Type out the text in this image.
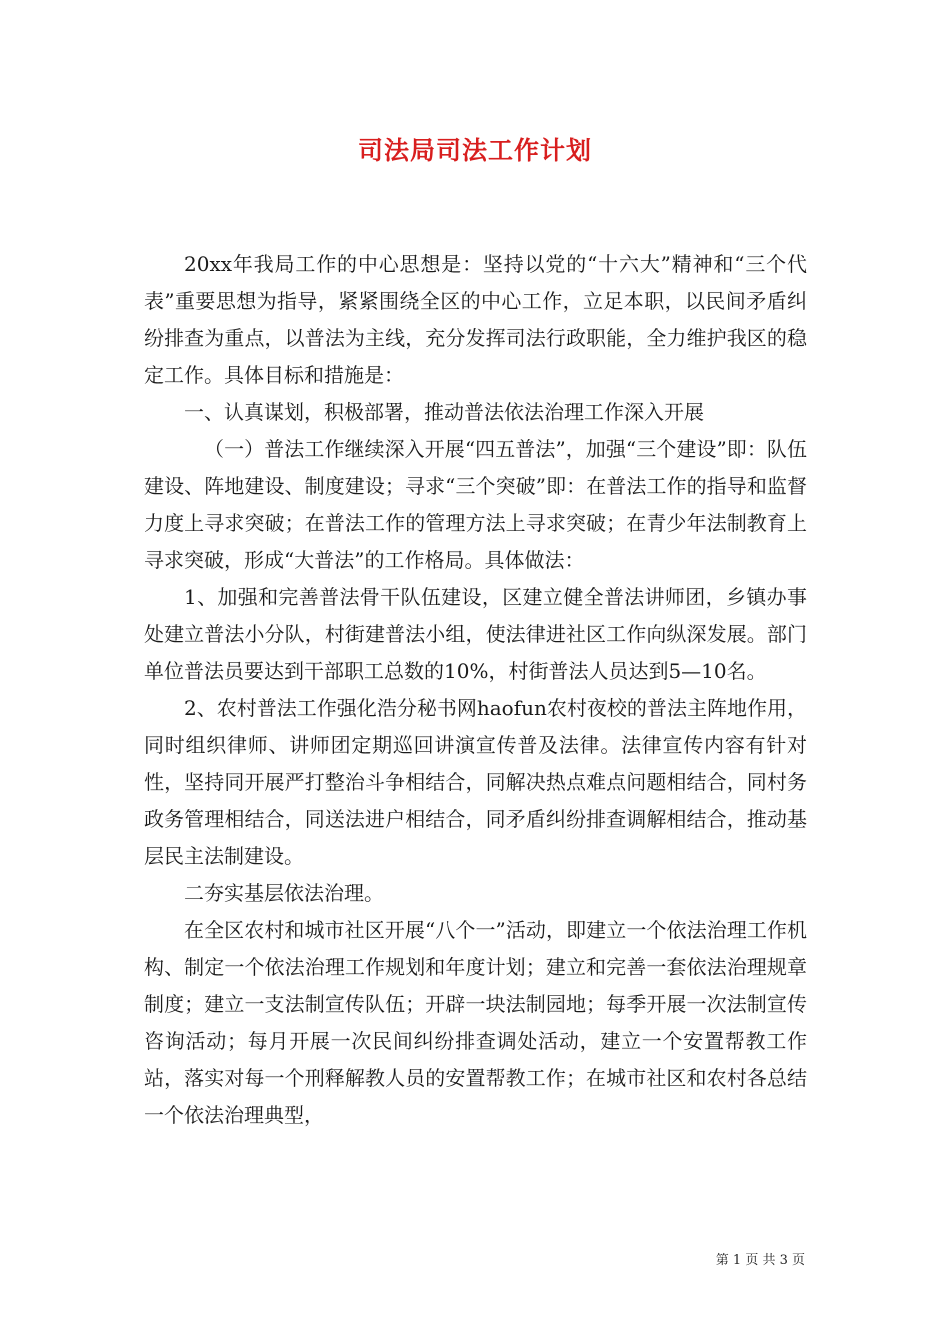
司法局司法工作计划

20xx年我局工作的中心思想是：坚持以党的“十六大”精神和“三个代表”重要思想为指导，紧紧围绕全区的中心工作，立足本职，以民间矛盾纠纷排查为重点，以普法为主线，充分发挥司法行政职能，全力维护我区的稳定工作。具体目标和措施是：

一、认真谋划，积极部署，推动普法依法治理工作深入开展

（一）普法工作继续深入开展“四五普法”，加强“三个建设”即：队伍建设、阵地建设、制度建设；寻求“三个突破”即：在普法工作的指导和监督力度上寻求突破；在普法工作的管理方法上寻求突破；在青少年法制教育上寻求突破，形成“大普法”的工作格局。具体做法：

1、加强和完善普法骨干队伍建设，区建立健全普法讲师团，乡镇办事处建立普法小分队，村街建普法小组，使法律进社区工作向纵深发展。部门单位普法员要达到干部职工总数的10%，村街普法人员达到5—10名。

2、农村普法工作强化浩分秘书网haofun农村夜校的普法主阵地作用，同时组织律师、讲师团定期巡回讲演宣传普及法律。法律宣传内容有针对性，坚持同开展严打整治斗争相结合，同解决热点难点问题相结合，同村务政务管理相结合，同送法进户相结合，同矛盾纠纷排查调解相结合，推动基层民主法制建设。

二夯实基层依法治理。

在全区农村和城市社区开展“八个一”活动，即建立一个依法治理工作机构、制定一个依法治理工作规划和年度计划；建立和完善一套依法治理规章制度；建立一支法制宣传队伍；开辟一块法制园地；每季开展一次法制宣传咨询活动；每月开展一次民间纠纷排查调处活动，建立一个安置帮教工作站，落实对每一个刑释解教人员的安置帮教工作；在城市社区和农村各总结一个依法治理典型，

第 1 页 共 3 页
